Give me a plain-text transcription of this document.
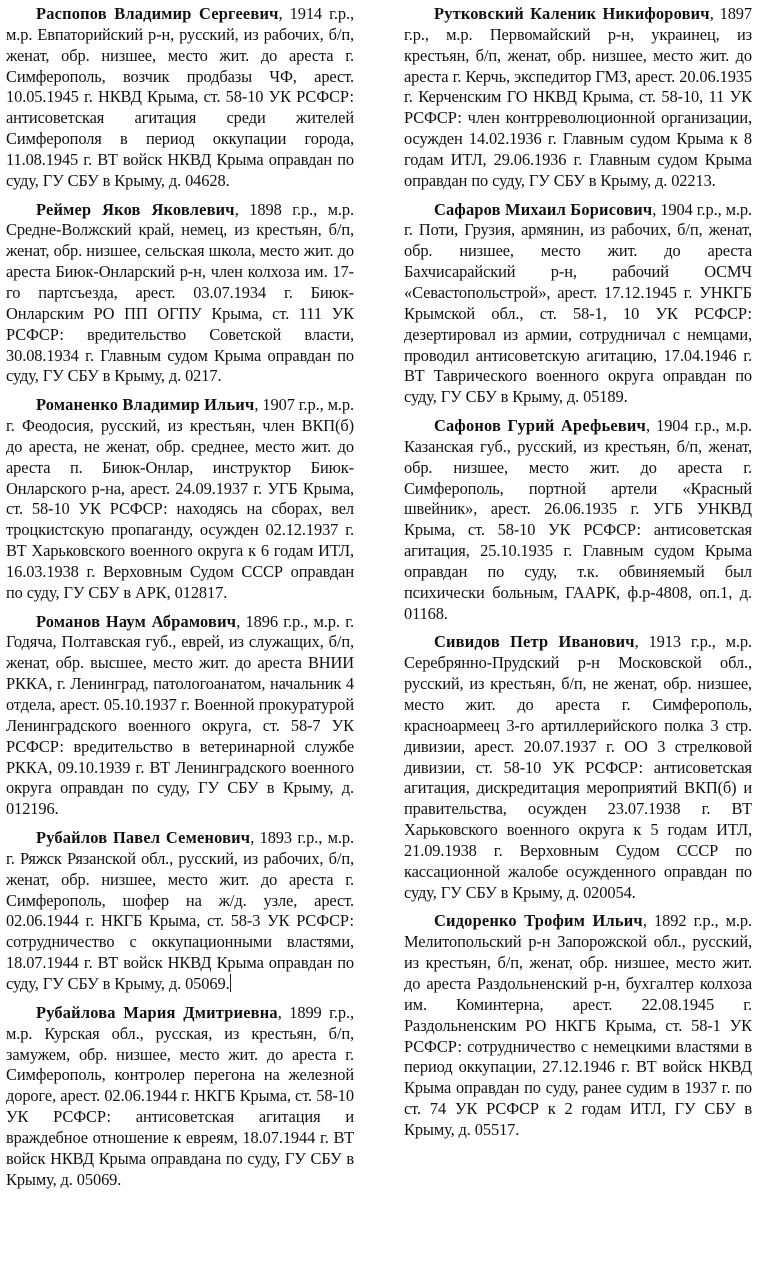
Распопов Владимир Сергеевич, 1914 г.р., м.р. Евпаторийский р-н, русский, из рабочих, б/п, женат, обр. низшее, место жит. до ареста г. Симферополь, возчик продбазы ЧФ, арест. 10.05.1945 г. НКВД Крыма, ст. 58-10 УК РСФСР: антисоветская агитация среди жителей Симферополя в период оккупации города, 11.08.1945 г. ВТ войск НКВД Крыма оправдан по суду, ГУ СБУ в Крыму, д. 04628.

Реймер Яков Яковлевич, 1898 г.р., м.р. Средне-Волжский край, немец, из крестьян, б/п, женат, обр. низшее, сельская школа, место жит. до ареста Биюк-Онларский р-н, член колхоза им. 17-го партсъезда, арест. 03.07.1934 г. Биюк-Онларским РО ПП ОГПУ Крыма, ст. 111 УК РСФСР: вредительство Советской власти, 30.08.1934 г. Главным судом Крыма оправдан по суду, ГУ СБУ в Крыму, д. 0217.

Романенко Владимир Ильич, 1907 г.р., м.р. г. Феодосия, русский, из крестьян, член ВКП(б) до ареста, не женат, обр. среднее, место жит. до ареста п. Биюк-Онлар, инструктор Биюк-Онларского р-на, арест. 24.09.1937 г. УГБ Крыма, ст. 58-10 УК РСФСР: находясь на сборах, вел троцкистскую пропаганду, осужден 02.12.1937 г. ВТ Харьковского военного округа к 6 годам ИТЛ, 16.03.1938 г. Верховным Судом СССР оправдан по суду, ГУ СБУ в АРК, 012817.

Романов Наум Абрамович, 1896 г.р., м.р. г. Годяча, Полтавская губ., еврей, из служащих, б/п, женат, обр. высшее, место жит. до ареста ВНИИ РККА, г. Ленинград, патологоанатом, начальник 4 отдела, арест. 05.10.1937 г. Военной прокуратурой Ленинградского военного округа, ст. 58-7 УК РСФСР: вредительство в ветеринарной службе РККА, 09.10.1939 г. ВТ Ленинградского военного округа оправдан по суду, ГУ СБУ в Крыму, д. 012196.

Рубайлов Павел Семенович, 1893 г.р., м.р. г. Ряжск Рязанской обл., русский, из рабочих, б/п, женат, обр. низшее, место жит. до ареста г. Симферополь, шофер на ж/д. узле, арест. 02.06.1944 г. НКГБ Крыма, ст. 58-3 УК РСФСР: сотрудничество с оккупационными властями, 18.07.1944 г. ВТ войск НКВД Крыма оправдан по суду, ГУ СБУ в Крыму, д. 05069.

Рубайлова Мария Дмитриевна, 1899 г.р., м.р. Курская обл., русская, из крестьян, б/п, замужем, обр. низшее, место жит. до ареста г. Симферополь, контролер перегона на железной дороге, арест. 02.06.1944 г. НКГБ Крыма, ст. 58-10 УК РСФСР: антисоветская агитация и враждебное отношение к евреям, 18.07.1944 г. ВТ войск НКВД Крыма оправдана по суду, ГУ СБУ в Крыму, д. 05069.

Рутковский Каленик Никифорович, 1897 г.р., м.р. Первомайский р-н, украинец, из крестьян, б/п, женат, обр. низшее, место жит. до ареста г. Керчь, экспедитор ГМЗ, арест. 20.06.1935 г. Керченским ГО НКВД Крыма, ст. 58-10, 11 УК РСФСР: член контрреволюционной организации, осужден 14.02.1936 г. Главным судом Крыма к 8 годам ИТЛ, 29.06.1936 г. Главным судом Крыма оправдан по суду, ГУ СБУ в Крыму, д. 02213.

Сафаров Михаил Борисович, 1904 г.р., м.р. г. Поти, Грузия, армянин, из рабочих, б/п, женат, обр. низшее, место жит. до ареста Бахчисарайский р-н, рабочий ОСМЧ «Севастопольстрой», арест. 17.12.1945 г. УНКГБ Крымской обл., ст. 58-1, 10 УК РСФСР: дезертировал из армии, сотрудничал с немцами, проводил антисоветскую агитацию, 17.04.1946 г. ВТ Таврического военного округа оправдан по суду, ГУ СБУ в Крыму, д. 05189.

Сафонов Гурий Арефьевич, 1904 г.р., м.р. Казанская губ., русский, из крестьян, б/п, женат, обр. низшее, место жит. до ареста г. Симферополь, портной артели «Красный швейник», арест. 26.06.1935 г. УГБ УНКВД Крыма, ст. 58-10 УК РСФСР: антисоветская агитация, 25.10.1935 г. Главным судом Крыма оправдан по суду, т.к. обвиняемый был психически больным, ГААРК, ф.р-4808, оп.1, д. 01168.

Сивидов Петр Иванович, 1913 г.р., м.р. Серебрянно-Прудский р-н Московской обл., русский, из крестьян, б/п, не женат, обр. низшее, место жит. до ареста г. Симферополь, красноармеец 3-го артиллерийского полка 3 стр. дивизии, арест. 20.07.1937 г. ОО 3 стрелковой дивизии, ст. 58-10 УК РСФСР: антисоветская агитация, дискредитация мероприятий ВКП(б) и правительства, осужден 23.07.1938 г. ВТ Харьковского военного округа к 5 годам ИТЛ, 21.09.1938 г. Верховным Судом СССР по кассационной жалобе осужденного оправдан по суду, ГУ СБУ в Крыму, д. 020054.

Сидоренко Трофим Ильич, 1892 г.р., м.р. Мелитопольский р-н Запорожской обл., русский, из крестьян, б/п, женат, обр. низшее, место жит. до ареста Раздольненский р-н, бухгалтер колхоза им. Коминтерна, арест. 22.08.1945 г. Раздольненским РО НКГБ Крыма, ст. 58-1 УК РСФСР: сотрудничество с немецкими властями в период оккупации, 27.12.1946 г. ВТ войск НКВД Крыма оправдан по суду, ранее судим в 1937 г. по ст. 74 УК РСФСР к 2 годам ИТЛ, ГУ СБУ в Крыму, д. 05517.
